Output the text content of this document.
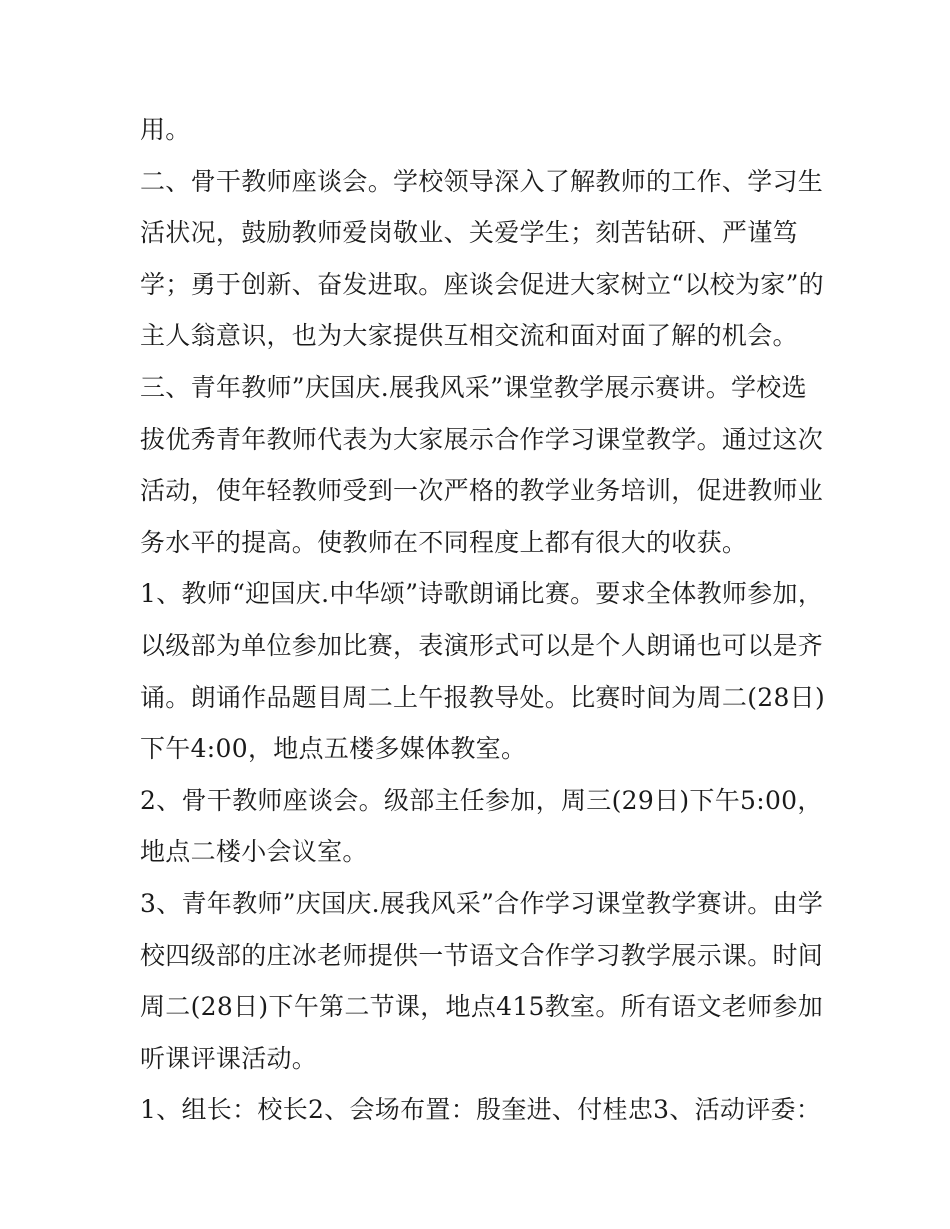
用。
二、骨干教师座谈会。学校领导深入了解教师的工作、学习生
活状况，鼓励教师爱岗敬业、关爱学生；刻苦钻研、严谨笃
学；勇于创新、奋发进取。座谈会促进大家树立“以校为家”的
主人翁意识，也为大家提供互相交流和面对面了解的机会。
三、青年教师”庆国庆.展我风采”课堂教学展示赛讲。学校选
拔优秀青年教师代表为大家展示合作学习课堂教学。通过这次
活动，使年轻教师受到一次严格的教学业务培训，促进教师业
务水平的提高。使教师在不同程度上都有很大的收获。
1、教师“迎国庆.中华颂”诗歌朗诵比赛。要求全体教师参加，
以级部为单位参加比赛，表演形式可以是个人朗诵也可以是齐
诵。朗诵作品题目周二上午报教导处。比赛时间为周二(28日)
下午4:00，地点五楼多媒体教室。
2、骨干教师座谈会。级部主任参加，周三(29日)下午5:00，
地点二楼小会议室。
3、青年教师”庆国庆.展我风采”合作学习课堂教学赛讲。由学
校四级部的庄冰老师提供一节语文合作学习教学展示课。时间
周二(28日)下午第二节课，地点415教室。所有语文老师参加
听课评课活动。
1、组长：校长2、会场布置：殷奎进、付桂忠3、活动评委：
